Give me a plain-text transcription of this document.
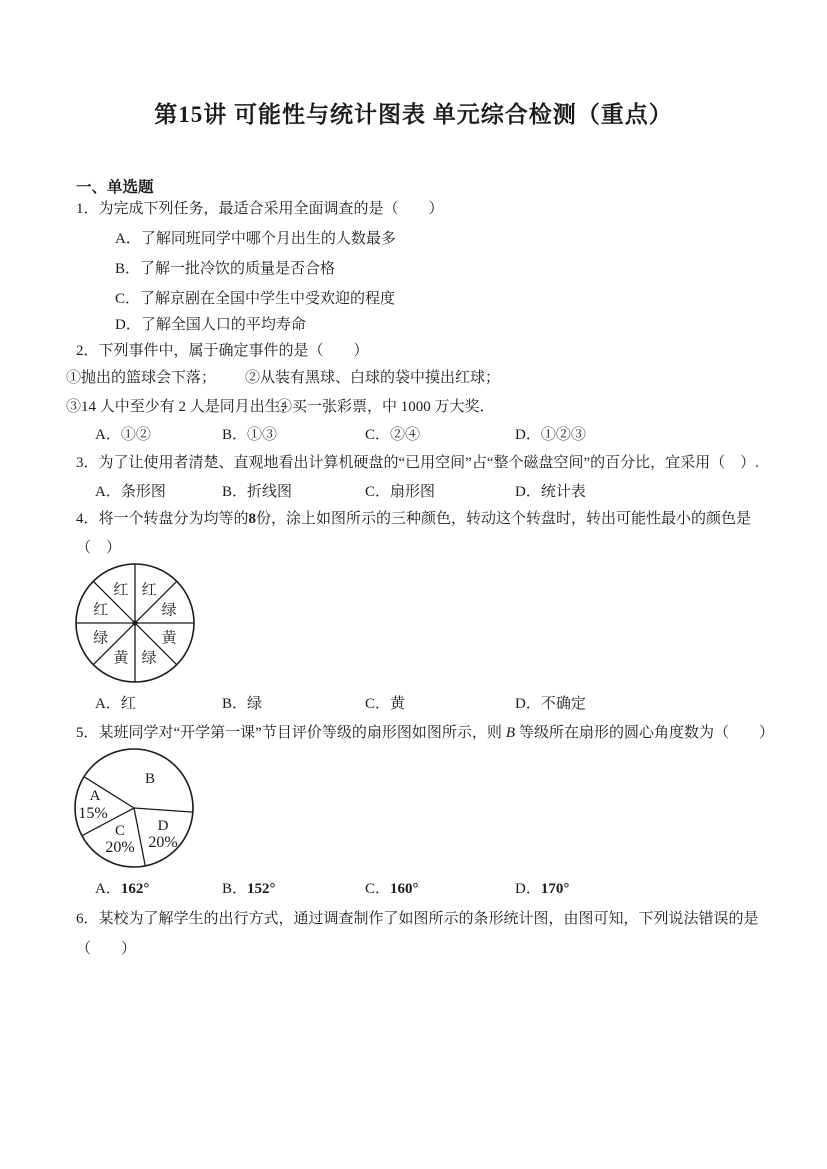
第15讲 可能性与统计图表 单元综合检测（重点）
一、单选题
1．为完成下列任务，最适合采用全面调查的是（　　）
A．了解同班同学中哪个月出生的人数最多
B．了解一批冷饮的质量是否合格
C．了解京剧在全国中学生中受欢迎的程度
D．了解全国人口的平均寿命
2．下列事件中，属于确定事件的是（　　）
①抛出的篮球会下落； ②从装有黑球、白球的袋中摸出红球；
③14 人中至少有 2 人是同月出生；④买一张彩票，中 1000 万大奖．
A．①②	B．①③	C．②④	D．①②③
3．为了让使用者清楚、直观地看出计算机硬盘的“已用空间”占“整个磁盘空间”的百分比，宜采用（　）.
A．条形图	B．折线图	C．扇形图	D．统计表
4．将一个转盘分为均等的8份，涂上如图所示的三种颜色，转动这个转盘时，转出可能性最小的颜色是
（　）
绿
红
红
红
绿
黄 绿
黄
A．红	B．绿	C．黄	D．不确定
5．某班同学对“开学第一课”节目评价等级的扇形图如图所示，则 B 等级所在扇形的圆心角度数为（　　）
B
A
15%
C
20%
D
20%
A．162°	B．152°	C．160°	D．170°
6．某校为了解学生的出行方式，通过调查制作了如图所示的条形统计图，由图可知，下列说法错误的是
（　　）
